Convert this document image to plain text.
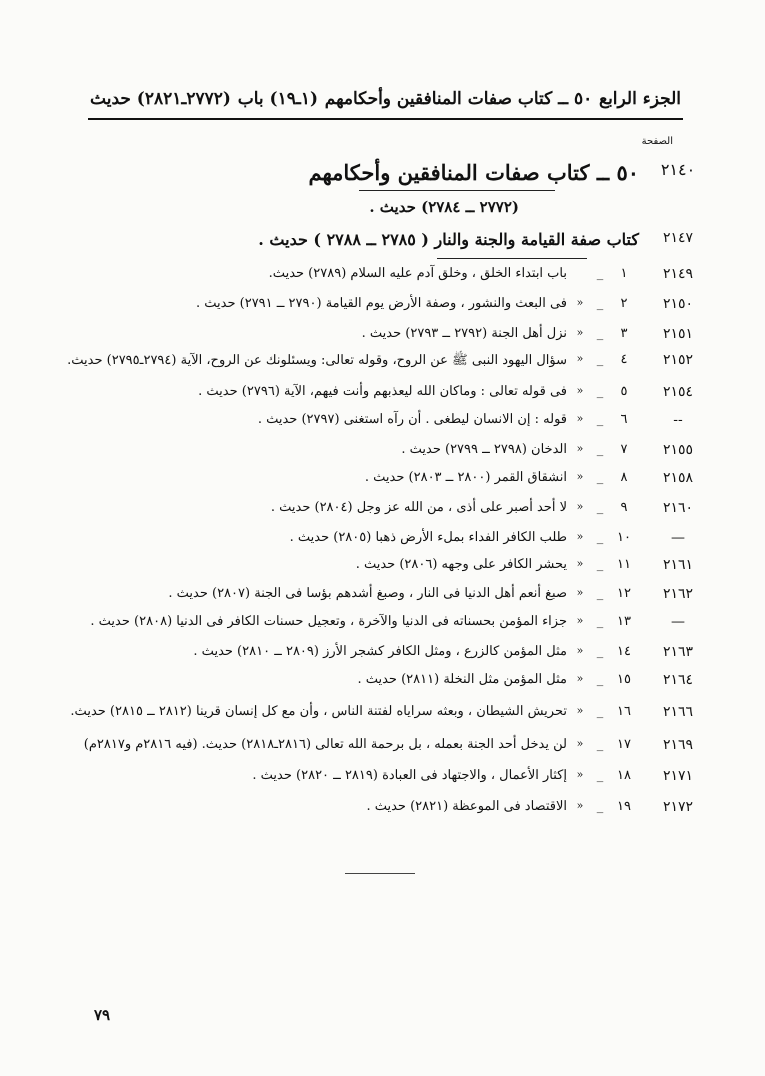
الجزء الرابع
٥٠ ــ كتاب صفات المنافقين وأحكامهم
(١ـ١٩) باب
(٢٧٧٢ـ٢٨٢١) حديث
الصفحة
٢١٤٠
٥٠ ــ كتاب صفات المنافقين وأحكامهم
(٢٧٧٢ ــ ٢٧٨٤) حديث .
٢١٤٧
كتاب صفة القيامة والجنة والنار ( ٢٧٨٥ ــ ٢٧٨٨ ) حديث .
٢١٤٩
١
_
باب ابتداء الخلق ، وخلق آدم عليه السلام (٢٧٨٩) حديث.
٢١٥٠
٢
_
«
فى البعث والنشور ، وصفة الأرض يوم القيامة (٢٧٩٠ ــ ٢٧٩١) حديث .
٢١٥١
٣
_
«
نزل أهل الجنة (٢٧٩٢ ــ ٢٧٩٣) حديث .
٢١٥٢
٤
_
«
سؤال اليهود النبى ﷺ عن الروح، وقوله تعالى: ويسئلونك عن الروح، الآية (٢٧٩٤ـ٢٧٩٥) حديث.
٢١٥٤
٥
_
«
فى قوله تعالى : وماكان الله ليعذبهم وأنت فيهم، الآية (٢٧٩٦) حديث .
--
٦
_
«
قوله : إن الانسان ليطغى . أن رآه استغنى (٢٧٩٧) حديث .
٢١٥٥
٧
_
«
الدخان (٢٧٩٨ ــ ٢٧٩٩) حديث .
٢١٥٨
٨
_
«
انشقاق القمر (٢٨٠٠ ــ ٢٨٠٣) حديث .
٢١٦٠
٩
_
«
لا أحد أصبر على أذى ، من الله عز وجل (٢٨٠٤) حديث .
—
١٠
_
«
طلب الكافر الفداء بملء الأرض ذهبا (٢٨٠٥) حديث .
٢١٦١
١١
_
«
يحشر الكافر على وجهه (٢٨٠٦) حديث .
٢١٦٢
١٢
_
«
صبغ أنعم أهل الدنيا فى النار ، وصبغ أشدهم بؤسا فى الجنة (٢٨٠٧) حديث .
—
١٣
_
«
جزاء المؤمن بحسناته فى الدنيا والآخرة ، وتعجيل حسنات الكافر فى الدنيا (٢٨٠٨) حديث .
٢١٦٣
١٤
_
«
مثل المؤمن كالزرع ، ومثل الكافر كشجر الأرز (٢٨٠٩ ــ ٢٨١٠) حديث .
٢١٦٤
١٥
_
«
مثل المؤمن مثل النخلة (٢٨١١) حديث .
٢١٦٦
١٦
_
«
تحريش الشيطان ، وبعثه سراياه لفتنة الناس ، وأن مع كل إنسان قرينا (٢٨١٢ ــ ٢٨١٥) حديث.
٢١٦٩
١٧
_
«
لن يدخل أحد الجنة بعمله ، بل برحمة الله تعالى (٢٨١٦ـ٢٨١٨) حديث. (فيه ٢٨١٦م و٢٨١٧م)
٢١٧١
١٨
_
«
إكثار الأعمال ، والاجتهاد فى العبادة (٢٨١٩ ــ ٢٨٢٠) حديث .
٢١٧٢
١٩
_
«
الاقتصاد فى الموعظة (٢٨٢١) حديث .
٧٩
